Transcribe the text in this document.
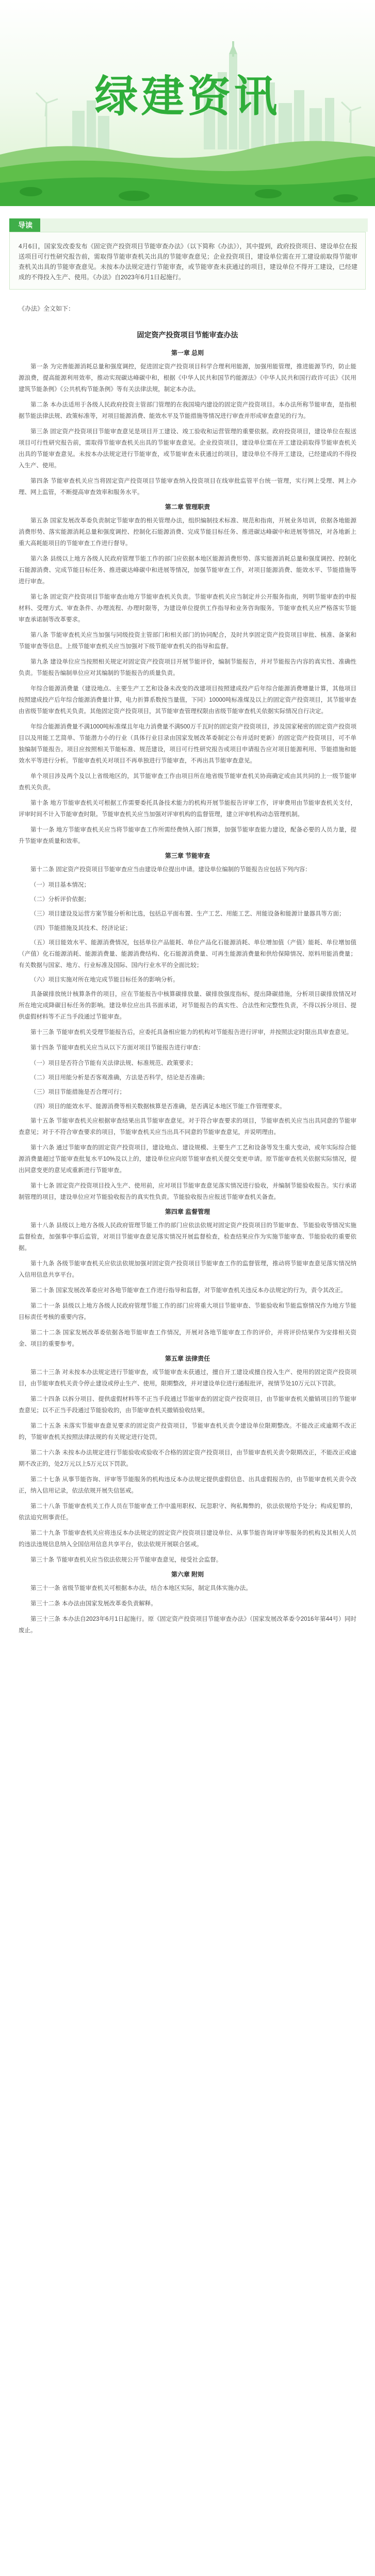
绿建资讯
导读
4月6日，国家发改委发布《固定资产投资项目节能审查办法》（以下简称《办法》），其中提到，政府投资项目、建设单位在报送项目可行性研究报告前，需取得节能审查机关出具的节能审查意见；企业投资项目，建设单位需在开工建设前取得节能审查机关出具的节能审查意见。未按本办法规定进行节能审查，或节能审查未获通过的项目，建设单位不得开工建设，已经建成的不得投入生产、使用。《办法》自2023年6月1日起施行。
《办法》全文如下：
固定资产投资项目节能审查办法

第一章 总则

第一条 为完善能源消耗总量和强度调控，促进固定资产投资项目科学合理利用能源，加强用能管理，推进能源节约，防止能源浪费，提高能源利用效率，推动实现碳达峰碳中和，根据《中华人民共和国节约能源法》《中华人民共和国行政许可法》《民用建筑节能条例》《公共机构节能条例》等有关法律法规，制定本办法。

第二条 本办法适用于各级人民政府投资主管部门管理的在我国境内建设的固定资产投资项目。本办法所称节能审查，是指根据节能法律法规、政策标准等，对项目能源消费、能效水平及节能措施等情况进行审查并形成审查意见的行为。

第三条 固定资产投资项目节能审查意见是项目开工建设、竣工验收和运营管理的重要依据。政府投资项目，建设单位在报送项目可行性研究报告前，需取得节能审查机关出具的节能审查意见。企业投资项目，建设单位需在开工建设前取得节能审查机关出具的节能审查意见。未按本办法规定进行节能审查，或节能审查未获通过的项目，建设单位不得开工建设，已经建成的不得投入生产、使用。

第四条 节能审查机关应当将固定资产投资项目节能审查纳入投资项目在线审批监管平台统一管理，实行网上受理、网上办理、网上监管，不断提高审查效率和服务水平。

第二章 管理职责

第五条 国家发展改革委负责制定节能审查的相关管理办法，组织编制技术标准、规范和指南，开展业务培训，依据各地能源消费形势、落实能源消耗总量和强度调控、控制化石能源消费、完成节能目标任务、推进碳达峰碳中和进展等情况，对各地新上重大高耗能项目的节能审查工作进行督导。

第六条 县级以上地方各级人民政府管理节能工作的部门应依据本地区能源消费形势、落实能源消耗总量和强度调控、控制化石能源消费、完成节能目标任务、推进碳达峰碳中和进展等情况，加强节能审查工作，对项目能源消费、能效水平、节能措施等进行审查。

第七条 固定资产投资项目节能审查由地方节能审查机关负责。节能审查机关应当制定并公开服务指南，列明节能审查的申报材料、受理方式、审查条件、办理流程、办理时限等，为建设单位提供工作指导和业务咨询服务。节能审查机关应严格落实节能审查承诺制等改革要求。

第八条 节能审查机关应当加强与同级投资主管部门和相关部门的协同配合，及时共享固定资产投资项目审批、核准、备案和节能审查等信息。上级节能审查机关应当加强对下级节能审查机关的指导和监督。

第九条 建设单位应当按照相关规定对固定资产投资项目开展节能评价，编制节能报告，并对节能报告内容的真实性、准确性负责。节能报告编制单位应对其编制的节能报告的质量负责。

年综合能源消费量（建设地点、主要生产工艺和设备未改变的改建项目按照建成投产后年综合能源消费增量计算，其他项目按照建成投产后年综合能源消费量计算，电力折算系数按当量值，下同）10000吨标准煤及以上的固定资产投资项目，其节能审查由省级节能审查机关负责。其他固定资产投资项目，其节能审查管理权限由省级节能审查机关依据实际情况自行决定。

年综合能源消费量不满1000吨标准煤且年电力消费量不满500万千瓦时的固定资产投资项目，涉及国家秘密的固定资产投资项目以及用能工艺简单、节能潜力小的行业（具体行业目录由国家发展改革委制定公布并适时更新）的固定资产投资项目，可不单独编制节能报告。项目应按照相关节能标准、规范建设，项目可行性研究报告或项目申请报告应对项目能源利用、节能措施和能效水平等进行分析。节能审查机关对项目不再单独进行节能审查，不再出具节能审查意见。

单个项目涉及两个及以上省级地区的，其节能审查工作由项目所在地省级节能审查机关协商确定或由其共同的上一级节能审查机关负责。

第十条 地方节能审查机关可根据工作需要委托具备技术能力的机构开展节能报告评审工作，评审费用由节能审查机关支付，评审时间不计入节能审查时限。节能审查机关应当加强对评审机构的监督管理，建立评审机构动态管理机制。

第十一条 地方节能审查机关应当将节能审查工作所需经费纳入部门预算，加强节能审查能力建设，配备必要的人员力量，提升节能审查质量和效率。

第三章 节能审查

第十二条 固定资产投资项目节能审查应当由建设单位提出申请。建设单位编制的节能报告应包括下列内容：

（一）项目基本情况；

（二）分析评价依据；

（三）项目建设及运营方案节能分析和比选，包括总平面布置、生产工艺、用能工艺、用能设备和能源计量器具等方面；

（四）节能措施及其技术、经济论证；

（五）项目能效水平、能源消费情况，包括单位产品能耗、单位产品化石能源消耗、单位增加值（产值）能耗、单位增加值（产值）化石能源消耗、能源消费量、能源消费结构、化石能源消费量、可再生能源消费量和供给保障情况、原料用能消费量；有关数据与国家、地方、行业标准及国际、国内行业水平的全面比较；

（六）项目实施对所在地完成节能目标任务的影响分析。

具备碳排放统计核算条件的项目，应在节能报告中核算碳排放量、碳排放强度指标，提出降碳措施，分析项目碳排放情况对所在地完成降碳目标任务的影响。建设单位应出具书面承诺，对节能报告的真实性、合法性和完整性负责，不得以拆分项目、提供虚假材料等不正当手段通过节能审查。

第十三条 节能审查机关受理节能报告后，应委托具备相应能力的机构对节能报告进行评审，并按照法定时限出具审查意见。

第十四条 节能审查机关应当从以下方面对项目节能报告进行审查：

（一）项目是否符合节能有关法律法规、标准规范、政策要求；

（二）项目用能分析是否客观准确，方法是否科学，结论是否准确；

（三）项目节能措施是否合理可行；

（四）项目的能效水平、能源消费等相关数据核算是否准确，是否满足本地区节能工作管理要求。

第十五条 节能审查机关应根据审查结果出具节能审查意见。对于符合审查要求的项目，节能审查机关应当出具同意的节能审查意见；对于不符合审查要求的项目，节能审查机关应当出具不同意的节能审查意见，并说明理由。

第十六条 通过节能审查的固定资产投资项目，建设地点、建设规模、主要生产工艺和设备等发生重大变动，或年实际综合能源消费量超过节能审查批复水平10%及以上的，建设单位应向原节能审查机关提交变更申请。原节能审查机关依据实际情况，提出同意变更的意见或重新进行节能审查。

第十七条 固定资产投资项目投入生产、使用前，应对项目节能审查意见落实情况进行验收，并编制节能验收报告。实行承诺制管理的项目，建设单位应对节能验收报告的真实性负责。节能验收报告应报送节能审查机关备查。

第四章 监督管理

第十八条 县级以上地方各级人民政府管理节能工作的部门应依法依规对固定资产投资项目的节能审查、节能验收等情况实施监督检查，加强事中事后监管，对项目节能审查意见落实情况开展监督检查，检查结果应作为实施节能审查、节能验收的重要依据。

第十九条 各级节能审查机关应依法依规加强对固定资产投资项目节能审查工作的监督管理，推动将节能审查意见落实情况纳入信用信息共享平台。

第二十条 国家发展改革委应对各地节能审查工作进行指导和监督，对节能审查机关违反本办法规定的行为，责令其改正。

第二十一条 县级以上地方各级人民政府管理节能工作的部门应将重大项目节能审查、节能验收和节能监察情况作为地方节能目标责任考核的重要内容。

第二十二条 国家发展改革委依据各地节能审查工作情况，开展对各地节能审查工作的评价，并将评价结果作为安排相关资金、项目的重要参考。

第五章 法律责任

第二十三条 对未按本办法规定进行节能审查，或节能审查未获通过，擅自开工建设或擅自投入生产、使用的固定资产投资项目，由节能审查机关责令停止建设或停止生产、使用，限期整改，并对建设单位进行通报批评，视情节处10万元以下罚款。

第二十四条 以拆分项目、提供虚假材料等不正当手段通过节能审查的固定资产投资项目，由节能审查机关撤销项目的节能审查意见；以不正当手段通过节能验收的，由节能审查机关撤销验收结果。

第二十五条 未落实节能审查意见要求的固定资产投资项目，节能审查机关责令建设单位限期整改。不能改正或逾期不改正的，节能审查机关按照法律法规的有关规定进行处罚。

第二十六条 未按本办法规定进行节能验收或验收不合格的固定资产投资项目，由节能审查机关责令限期改正，不能改正或逾期不改正的，处2万元以上5万元以下罚款。

第二十七条 从事节能咨询、评审等节能服务的机构违反本办法规定提供虚假信息、出具虚假报告的，由节能审查机关责令改正，纳入信用记录，依法依规开展失信惩戒。

第二十八条 节能审查机关工作人员在节能审查工作中滥用职权、玩忽职守、徇私舞弊的，依法依规给予处分；构成犯罪的，依法追究刑事责任。

第二十九条 节能审查机关应将违反本办法规定的固定资产投资项目建设单位、从事节能咨询评审等服务的机构及其相关人员的违法违规信息纳入全国信用信息共享平台，依法依规开展联合惩戒。

第三十条 节能审查机关应当依法依规公开节能审查意见，接受社会监督。

第六章 附则

第三十一条 省级节能审查机关可根据本办法，结合本地区实际，制定具体实施办法。

第三十二条 本办法由国家发展改革委负责解释。

第三十三条 本办法自2023年6月1日起施行。原《固定资产投资项目节能审查办法》（国家发展改革委令2016年第44号）同时废止。
